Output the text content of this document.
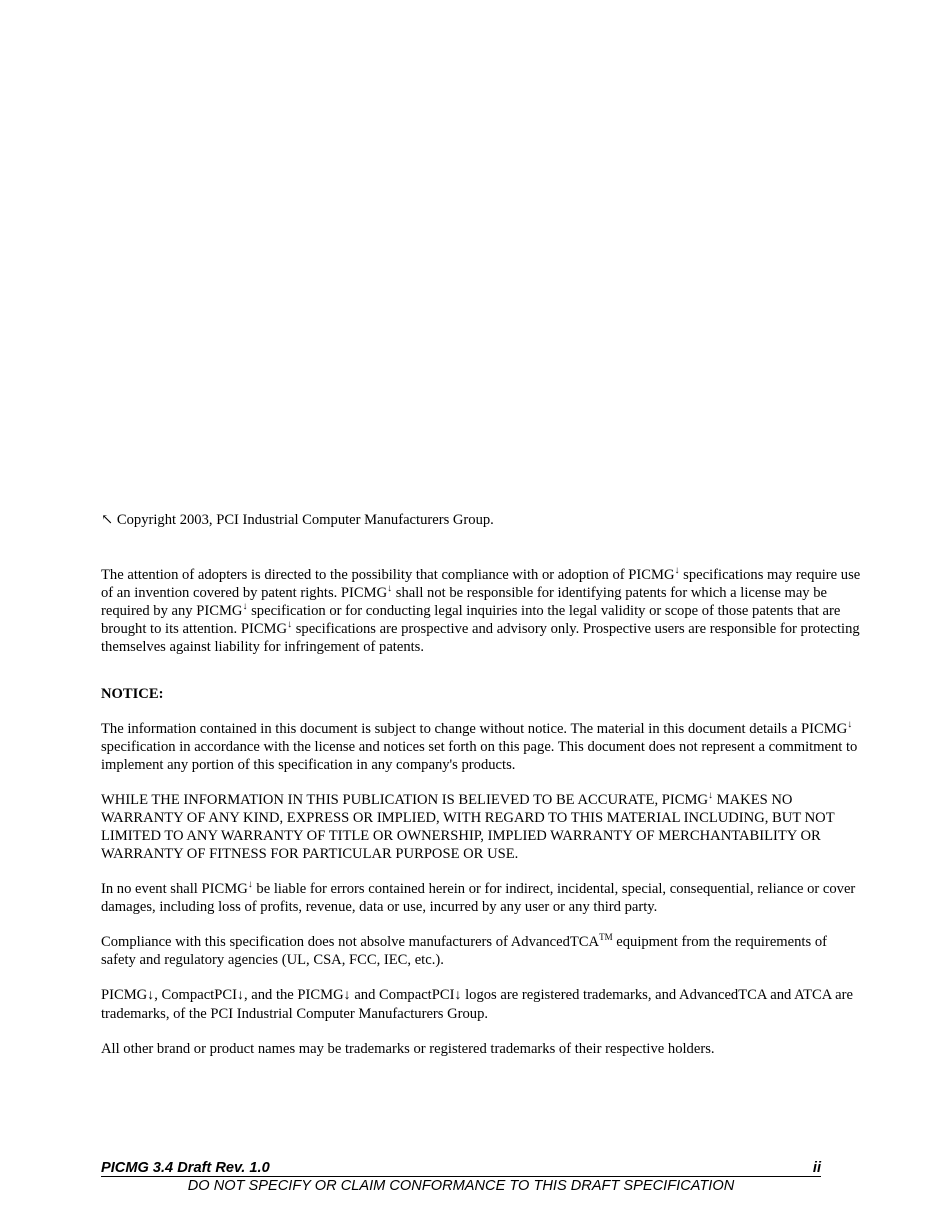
↖ Copyright 2003, PCI Industrial Computer Manufacturers Group.

The attention of adopters is directed to the possibility that compliance with or adoption of PICMG↓ specifications may require use of an invention covered by patent rights. PICMG↓ shall not be responsible for identifying patents for which a license may be required by any PICMG↓ specification or for conducting legal inquiries into the legal validity or scope of those patents that are brought to its attention. PICMG↓ specifications are prospective and advisory only. Prospective users are responsible for protecting themselves against liability for infringement of patents.

NOTICE:

The information contained in this document is subject to change without notice. The material in this document details a PICMG↓ specification in accordance with the license and notices set forth on this page. This document does not represent a commitment to implement any portion of this specification in any company's products.

WHILE THE INFORMATION IN THIS PUBLICATION IS BELIEVED TO BE ACCURATE, PICMG↓ MAKES NO WARRANTY OF ANY KIND, EXPRESS OR IMPLIED, WITH REGARD TO THIS MATERIAL INCLUDING, BUT NOT LIMITED TO ANY WARRANTY OF TITLE OR OWNERSHIP, IMPLIED WARRANTY OF MERCHANTABILITY OR WARRANTY OF FITNESS FOR PARTICULAR PURPOSE OR USE.

In no event shall PICMG↓ be liable for errors contained herein or for indirect, incidental, special, consequential, reliance or cover damages, including loss of profits, revenue, data or use, incurred by any user or any third party.

Compliance with this specification does not absolve manufacturers of AdvancedTCA™ equipment from the requirements of safety and regulatory agencies (UL, CSA, FCC, IEC, etc.).

PICMG↓, CompactPCI↓, and the PICMG↓ and CompactPCI↓ logos are registered trademarks, and AdvancedTCA and ATCA are trademarks, of the PCI Industrial Computer Manufacturers Group.

All other brand or product names may be trademarks or registered trademarks of their respective holders.

PICMG 3.4 Draft Rev. 1.0	ii
DO NOT SPECIFY OR CLAIM CONFORMANCE TO THIS DRAFT SPECIFICATION
